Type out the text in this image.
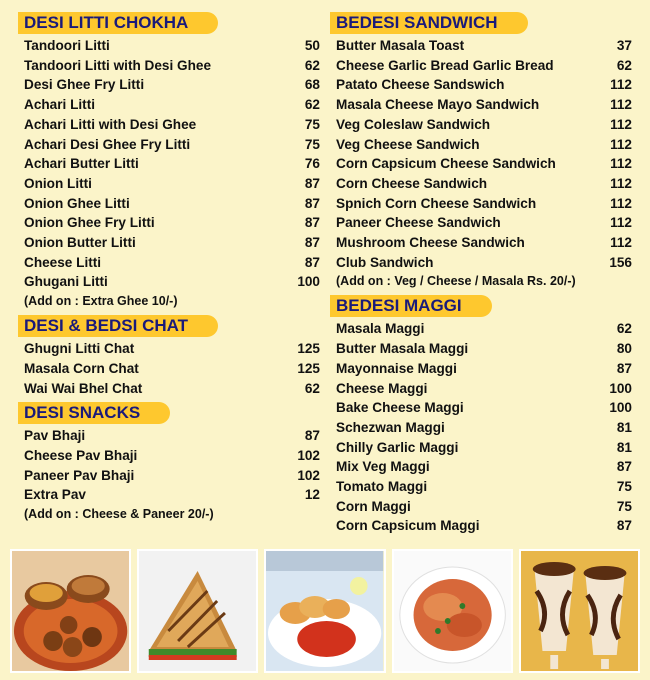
DESI LITTI CHOKHA
Tandoori Litti	50
Tandoori Litti with Desi Ghee	62
Desi Ghee Fry Litti	68
Achari Litti	62
Achari Litti with Desi Ghee	75
Achari Desi Ghee Fry Litti	75
Achari Butter Litti	76
Onion Litti	87
Onion Ghee Litti	87
Onion Ghee Fry Litti	87
Onion Butter Litti	87
Cheese Litti	87
Ghugani Litti	100
(Add on : Extra Ghee 10/-)
DESI & BEDSI CHAT
Ghugni Litti Chat	125
Masala Corn Chat	125
Wai Wai Bhel Chat	62
DESI SNACKS
Pav Bhaji	87
Cheese Pav Bhaji	102
Paneer Pav Bhaji	102
Extra Pav	12
(Add on : Cheese & Paneer 20/-)
BEDESI SANDWICH
Butter Masala Toast	37
Cheese Garlic Bread Garlic Bread	62
Patato Cheese Sandswich	112
Masala Cheese Mayo Sandwich	112
Veg Coleslaw Sandwich	112
Veg Cheese Sandwich	112
Corn Capsicum Cheese Sandwich	112
Corn Cheese Sandwich	112
Spnich Corn Cheese Sandwich	112
Paneer Cheese Sandwich	112
Mushroom Cheese Sandwich	112
Club Sandwich	156
(Add on : Veg / Cheese / Masala Rs. 20/-)
BEDESI MAGGI
Masala Maggi	62
Butter Masala Maggi	80
Mayonnaise Maggi	87
Cheese Maggi	100
Bake Cheese Maggi	100
Schezwan Maggi	81
Chilly Garlic Maggi	81
Mix Veg Maggi	87
Tomato Maggi	75
Corn Maggi	75
Corn Capsicum Maggi	87
